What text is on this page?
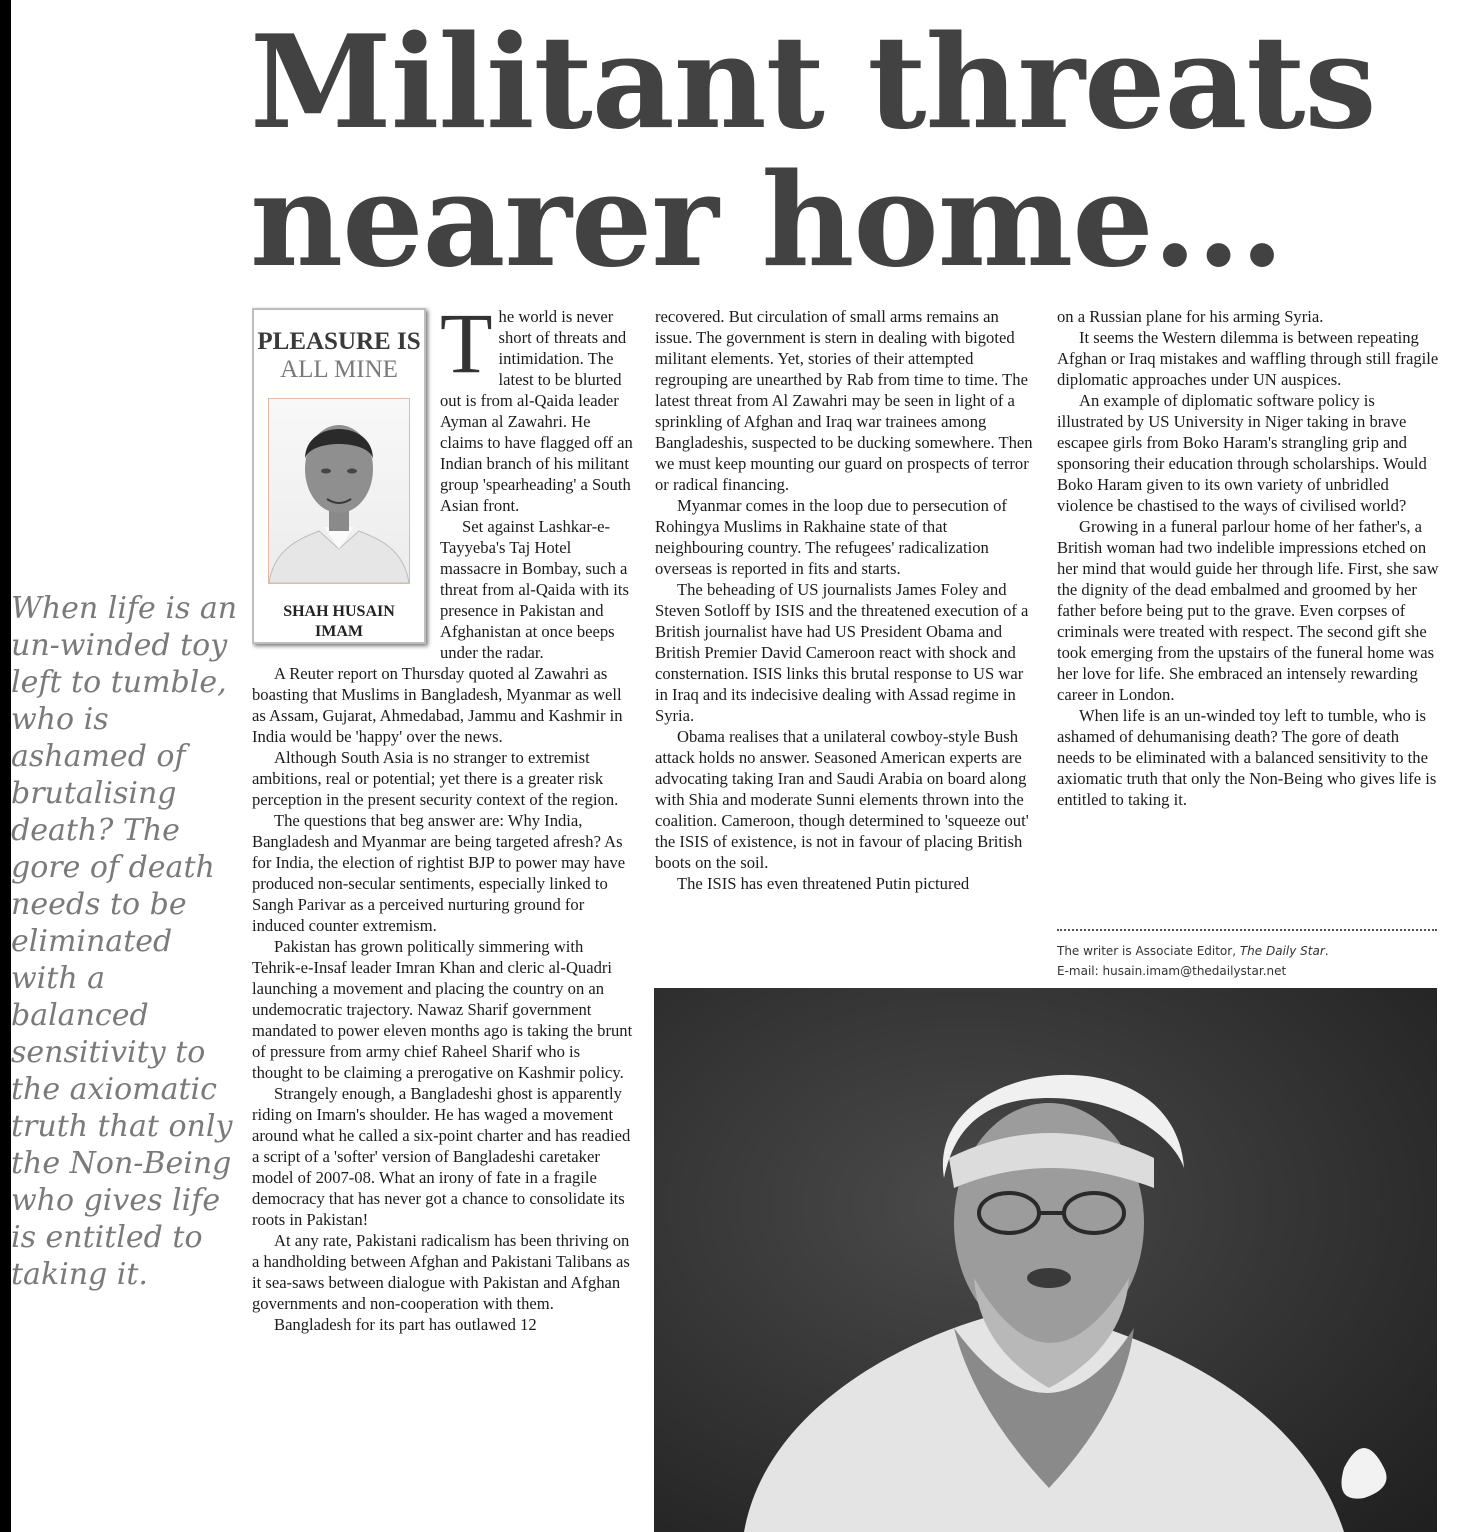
Militant threats nearer home...

When life is an un-winded toy left to tumble, who is ashamed of brutalising death? The gore of death needs to be eliminated with a balanced sensitivity to the axiomatic truth that only the Non-Being who gives life is entitled to taking it.

PLEASURE IS
ALL MINE
SHAH HUSAIN
IMAM

The world is never short of threats and intimidation. The latest to be blurted out is from al-Qaida leader Ayman al Zawahri. He claims to have flagged off an Indian branch of his militant group 'spearheading' a South Asian front.

Set against Lashkar-e-Tayyeba's Taj Hotel massacre in Bombay, such a threat from al-Qaida with its presence in Pakistan and Afghanistan at once beeps under the radar.

A Reuter report on Thursday quoted al Zawahri as boasting that Muslims in Bangladesh, Myanmar as well as Assam, Gujarat, Ahmedabad, Jammu and Kashmir in India would be 'happy' over the news.

Although South Asia is no stranger to extremist ambitions, real or potential; yet there is a greater risk perception in the present security context of the region.

The questions that beg answer are: Why India, Bangladesh and Myanmar are being targeted afresh? As for India, the election of rightist BJP to power may have produced non-secular sentiments, especially linked to Sangh Parivar as a perceived nurturing ground for induced counter extremism.

Pakistan has grown politically simmering with Tehrik-e-Insaf leader Imran Khan and cleric al-Quadri launching a movement and placing the country on an undemocratic trajectory. Nawaz Sharif government mandated to power eleven months ago is taking the brunt of pressure from army chief Raheel Sharif who is thought to be claiming a prerogative on Kashmir policy.

Strangely enough, a Bangladeshi ghost is apparently riding on Imarn's shoulder. He has waged a movement around what he called a six-point charter and has readied a script of a 'softer' version of Bangladeshi caretaker model of 2007-08. What an irony of fate in a fragile democracy that has never got a chance to consolidate its roots in Pakistan!

At any rate, Pakistani radicalism has been thriving on a handholding between Afghan and Pakistani Talibans as it sea-saws between dialogue with Pakistan and Afghan governments and non-cooperation with them.

Bangladesh for its part has outlawed 12

recovered. But circulation of small arms remains an issue. The government is stern in dealing with bigoted militant elements. Yet, stories of their attempted regrouping are unearthed by Rab from time to time. The latest threat from Al Zawahri may be seen in light of a sprinkling of Afghan and Iraq war trainees among Bangladeshis, suspected to be ducking somewhere. Then we must keep mounting our guard on prospects of terror or radical financing.

Myanmar comes in the loop due to persecution of Rohingya Muslims in Rakhaine state of that neighbouring country. The refugees' radicalization overseas is reported in fits and starts.

The beheading of US journalists James Foley and Steven Sotloff by ISIS and the threatened execution of a British journalist have had US President Obama and British Premier David Cameroon react with shock and consternation. ISIS links this brutal response to US war in Iraq and its indecisive dealing with Assad regime in Syria.

Obama realises that a unilateral cowboy-style Bush attack holds no answer. Seasoned American experts are advocating taking Iran and Saudi Arabia on board along with Shia and moderate Sunni elements thrown into the coalition. Cameroon, though determined to 'squeeze out' the ISIS of existence, is not in favour of placing British boots on the soil.

The ISIS has even threatened Putin pictured

on a Russian plane for his arming Syria.

It seems the Western dilemma is between repeating Afghan or Iraq mistakes and waffling through still fragile diplomatic approaches under UN auspices.

An example of diplomatic software policy is illustrated by US University in Niger taking in brave escapee girls from Boko Haram's strangling grip and sponsoring their education through scholarships. Would Boko Haram given to its own variety of unbridled violence be chastised to the ways of civilised world?

Growing in a funeral parlour home of her father's, a British woman had two indelible impressions etched on her mind that would guide her through life. First, she saw the dignity of the dead embalmed and groomed by her father before being put to the grave. Even corpses of criminals were treated with respect. The second gift she took emerging from the upstairs of the funeral home was her love for life. She embraced an intensely rewarding career in London.

When life is an un-winded toy left to tumble, who is ashamed of dehumanising death? The gore of death needs to be eliminated with a balanced sensitivity to the axiomatic truth that only the Non-Being who gives life is entitled to taking it.

The writer is Associate Editor, The Daily Star.
E-mail: husain.imam@thedailystar.net
